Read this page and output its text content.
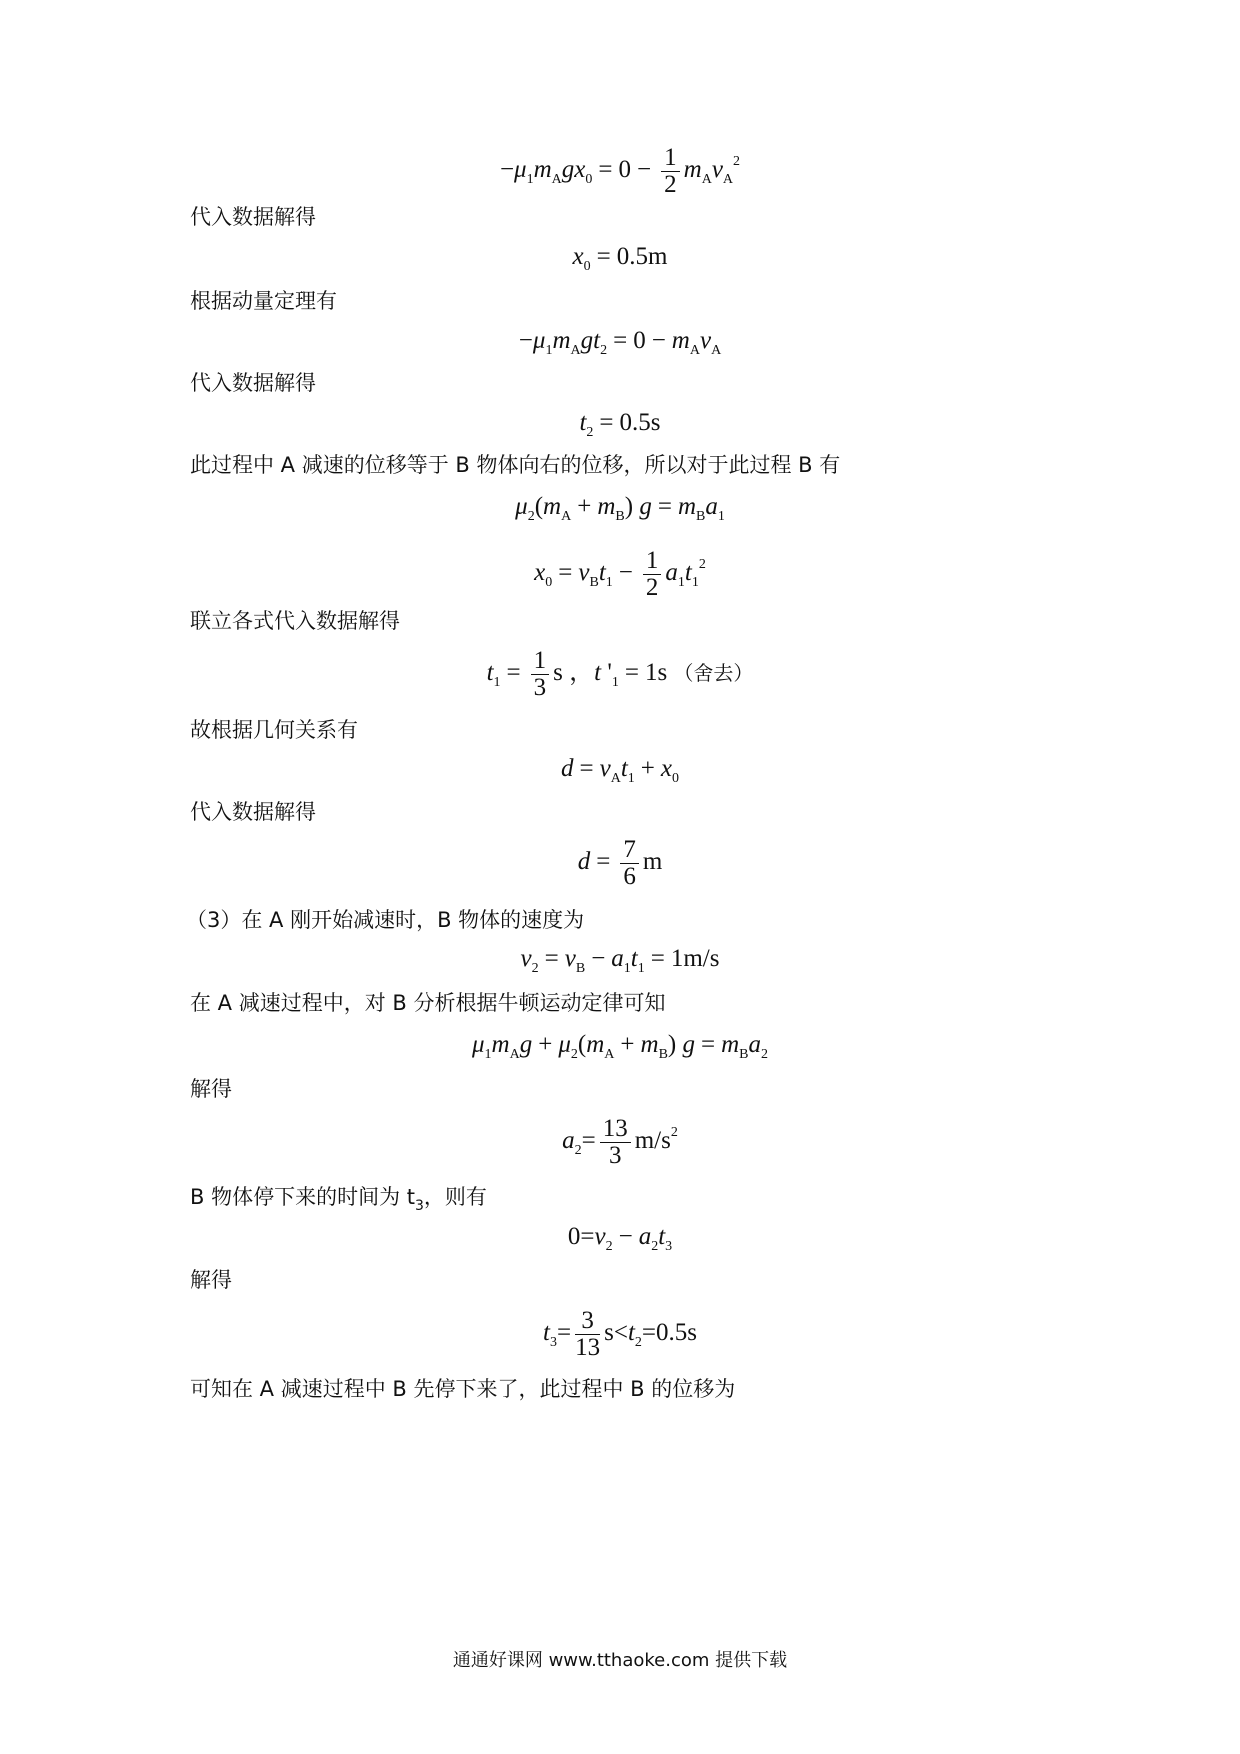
$-\mu_1m_Agx_0 = 0 - \frac{1}{2} m_Av_A^2$
代入数据解得
$x_0 = 0.5m$
根据动量定理有
$-\mu_1m_Agt_2 = 0 - m_Av_A$
代入数据解得
$t_2 = 0.5s$
此过程中 A 减速的位移等于 B 物体向右的位移，所以对于此过程 B 有
$\mu_2(m_A + m_B) g = m_Ba_1$
$x_0 = v_Bt_1 - \frac{1}{2} a_1t_1^2$
联立各式代入数据解得
$t_1 = \frac{1}{3}$ s ，t '$_1 = 1s$ （舍去）
故根据几何关系有
$d = v_At_1 + x_0$
代入数据解得
$d = \frac{7}{6}$ m
（3）在 A 刚开始减速时，B 物体的速度为
$v_2 = v_B - a_1t_1 = 1m/s$
在 A 减速过程中，对 B 分析根据牛顿运动定律可知
$\mu_1m_Ag + \mu_2(m_A + m_B) g = m_Ba_2$
解得
$a_2= \frac{13}{3} m/s^2$
B 物体停下来的时间为 $t_3$，则有
$0=v_2 - a_2t_3$
解得
$t_3= \frac{3}{13} s<t_2=0.5s$
可知在 A 减速过程中 B 先停下来了，此过程中 B 的位移为
通通好课网 www.tthaoke.com 提供下载
